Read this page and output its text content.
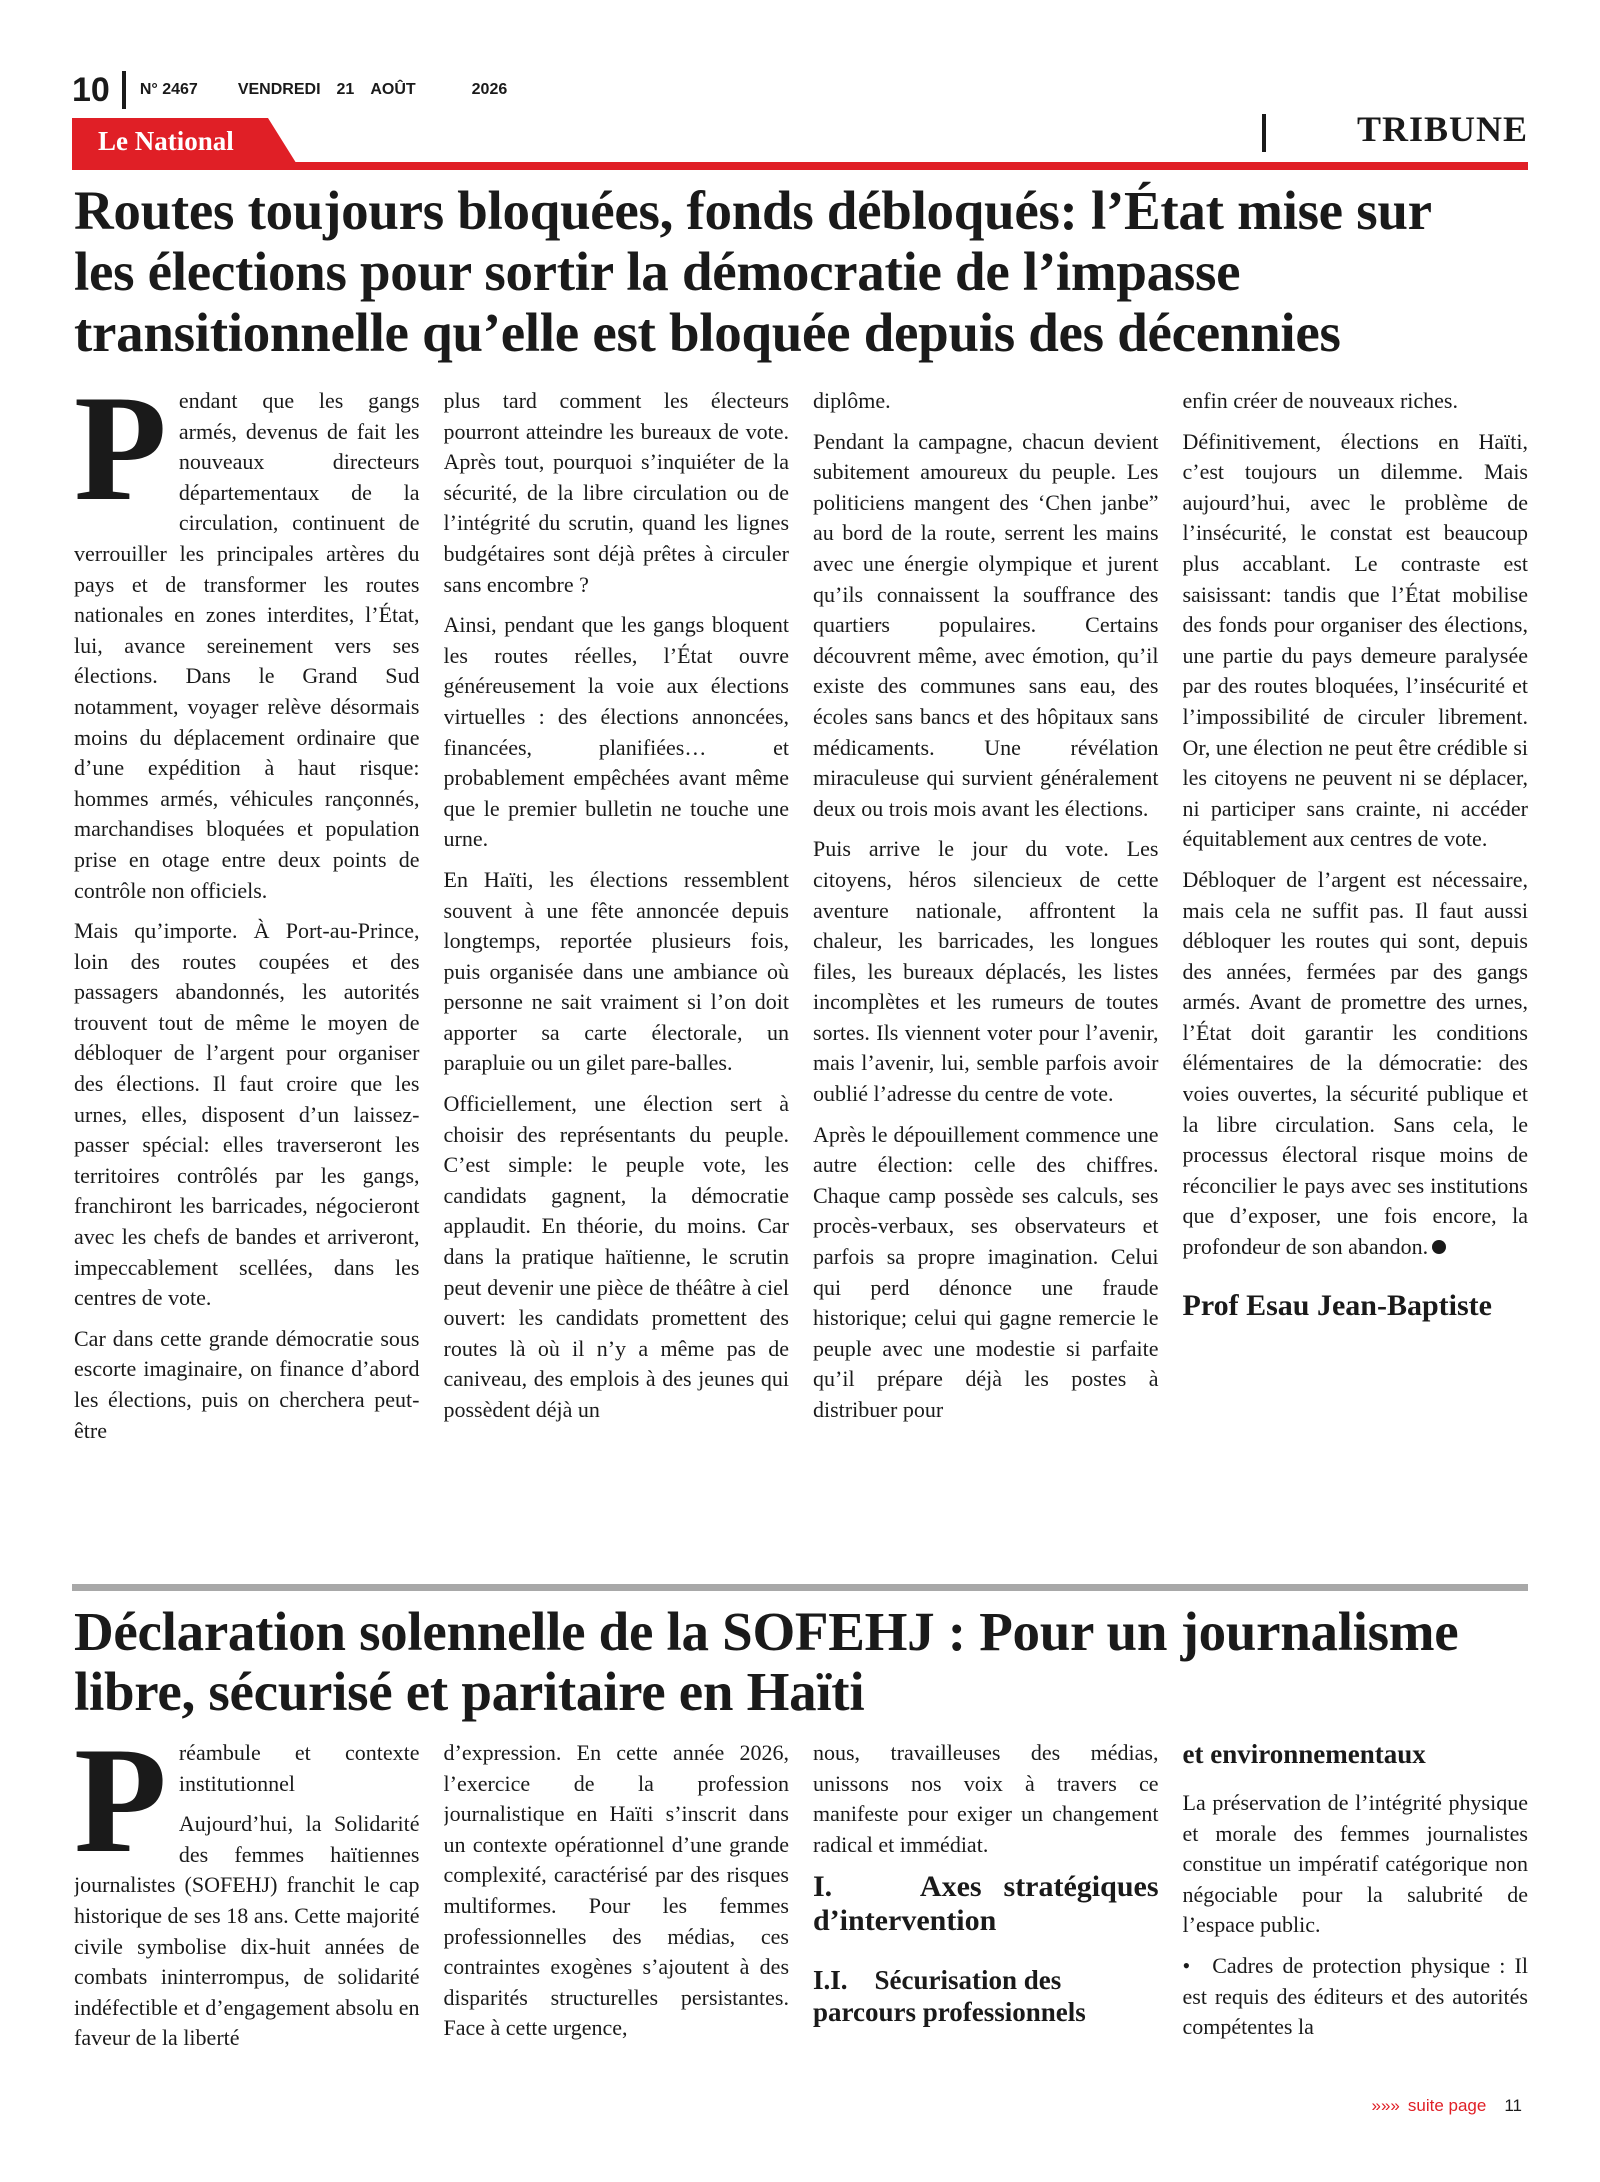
10 N° 2467	VENDREDI 21 AOÛT	2026
Le National	TRIBUNE
Routes toujours bloquées, fonds débloqués: l’État mise sur les élections pour sortir la démocratie de l’impasse transitionnelle qu’elle est bloquée depuis des décennies

Pendant que les gangs armés, devenus de fait les nouveaux directeurs départementaux de la circulation, continuent de verrouiller les principales artères du pays et de transformer les routes nationales en zones interdites, l’État, lui, avance sereinement vers ses élections. Dans le Grand Sud notamment, voyager relève désormais moins du déplacement ordinaire que d’une expédition à haut risque: hommes armés, véhicules rançonnés, marchandises bloquées et population prise en otage entre deux points de contrôle non officiels.

Mais qu’importe. À Port-au-Prince, loin des routes coupées et des passagers abandonnés, les autorités trouvent tout de même le moyen de débloquer de l’argent pour organiser des élections. Il faut croire que les urnes, elles, disposent d’un laissez-passer spécial: elles traverseront les territoires contrôlés par les gangs, franchiront les barricades, négocieront avec les chefs de bandes et arriveront, impeccablement scellées, dans les centres de vote.

Car dans cette grande démocratie sous escorte imaginaire, on finance d’abord les élections, puis on cherchera peut-être

plus tard comment les électeurs pourront atteindre les bureaux de vote. Après tout, pourquoi s’inquiéter de la sécurité, de la libre circulation ou de l’intégrité du scrutin, quand les lignes budgétaires sont déjà prêtes à circuler sans encombre ?

Ainsi, pendant que les gangs bloquent les routes réelles, l’État ouvre généreusement la voie aux élections virtuelles : des élections annoncées, financées, planifiées… et probablement empêchées avant même que le premier bulletin ne touche une urne.

En Haïti, les élections ressemblent souvent à une fête annoncée depuis longtemps, reportée plusieurs fois, puis organisée dans une ambiance où personne ne sait vraiment si l’on doit apporter sa carte électorale, un parapluie ou un gilet pare-balles.

Officiellement, une élection sert à choisir des représentants du peuple. C’est simple: le peuple vote, les candidats gagnent, la démocratie applaudit. En théorie, du moins. Car dans la pratique haïtienne, le scrutin peut devenir une pièce de théâtre à ciel ouvert: les candidats promettent des routes là où il n’y a même pas de caniveau, des emplois à des jeunes qui possèdent déjà un

diplôme.

Pendant la campagne, chacun devient subitement amoureux du peuple. Les politiciens mangent des ‘Chen janbe” au bord de la route, serrent les mains avec une énergie olympique et jurent qu’ils connaissent la souffrance des quartiers populaires. Certains découvrent même, avec émotion, qu’il existe des communes sans eau, des écoles sans bancs et des hôpitaux sans médicaments. Une révélation miraculeuse qui survient généralement deux ou trois mois avant les élections.

Puis arrive le jour du vote. Les citoyens, héros silencieux de cette aventure nationale, affrontent la chaleur, les barricades, les longues files, les bureaux déplacés, les listes incomplètes et les rumeurs de toutes sortes. Ils viennent voter pour l’avenir, mais l’avenir, lui, semble parfois avoir oublié l’adresse du centre de vote.

Après le dépouillement commence une autre élection: celle des chiffres. Chaque camp possède ses calculs, ses procès-verbaux, ses observateurs et parfois sa propre imagination. Celui qui perd dénonce une fraude historique; celui qui gagne remercie le peuple avec une modestie si parfaite qu’il prépare déjà les postes à distribuer pour

enfin créer de nouveaux riches.

Définitivement, élections en Haïti, c’est toujours un dilemme. Mais aujourd’hui, avec le problème de l’insécurité, le constat est beaucoup plus accablant. Le contraste est saisissant: tandis que l’État mobilise des fonds pour organiser des élections, une partie du pays demeure paralysée par des routes bloquées, l’insécurité et l’impossibilité de circuler librement. Or, une élection ne peut être crédible si les citoyens ne peuvent ni se déplacer, ni participer sans crainte, ni accéder équitablement aux centres de vote.

Débloquer de l’argent est nécessaire, mais cela ne suffit pas. Il faut aussi débloquer les routes qui sont, depuis des années, fermées par des gangs armés. Avant de promettre des urnes, l’État doit garantir les conditions élémentaires de la démocratie: des voies ouvertes, la sécurité publique et la libre circulation. Sans cela, le processus électoral risque moins de réconcilier le pays avec ses institutions que d’exposer, une fois encore, la profondeur de son abandon.

Prof Esau Jean-Baptiste
Déclaration solennelle de la SOFEHJ : Pour un journalisme libre, sécurisé et paritaire en Haïti

Préambule et contexte institutionnel

Aujourd’hui, la Solidarité des femmes haïtiennes journalistes (SOFEHJ) franchit le cap historique de ses 18 ans. Cette majorité civile symbolise dix-huit années de combats ininterrompus, de solidarité indéfectible et d’engagement absolu en faveur de la liberté

d’expression. En cette année 2026, l’exercice de la profession journalistique en Haïti s’inscrit dans un contexte opérationnel d’une grande complexité, caractérisé par des risques multiformes. Pour les femmes professionnelles des médias, ces contraintes exogènes s’ajoutent à des disparités structurelles persistantes. Face à cette urgence,

nous, travailleuses des médias, unissons nos voix à travers ce manifeste pour exiger un changement radical et immédiat.

I.    Axes stratégiques d’intervention
I.I.    Sécurisation des parcours professionnels
et environnementaux

La préservation de l’intégrité physique et morale des femmes journalistes constitue un impératif catégorique non négociable pour la salubrité de l’espace public.

• Cadres de protection physique : Il est requis des éditeurs et des autorités compétentes la

»»» suite page 11
